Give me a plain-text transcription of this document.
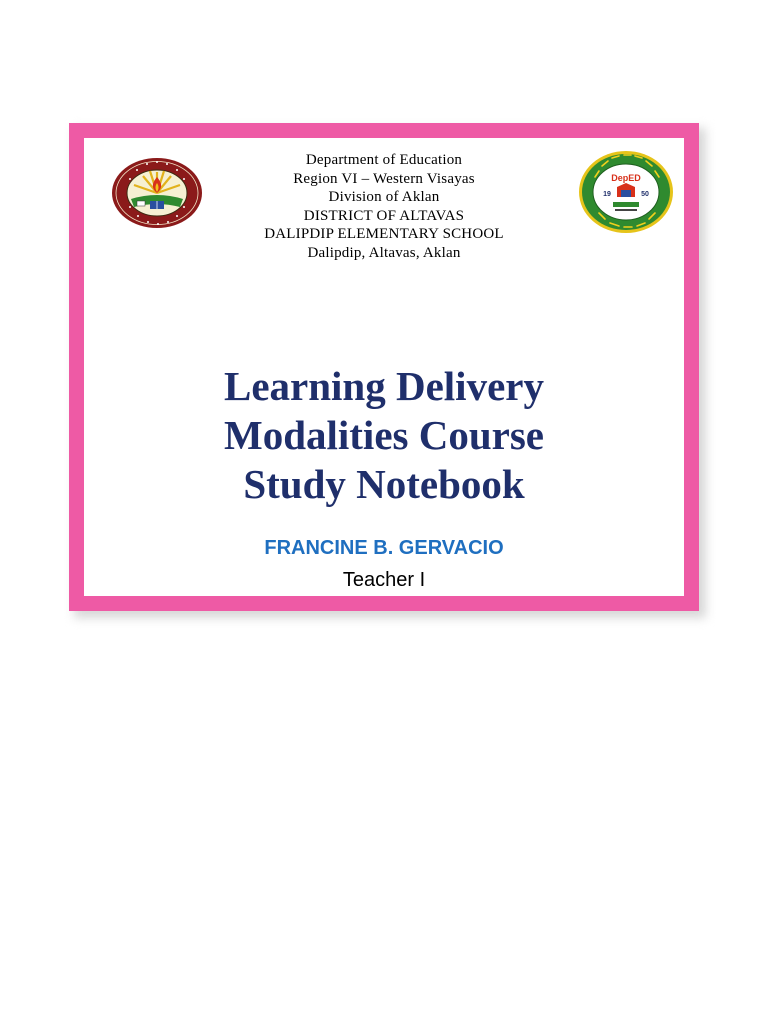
DepED
19	50
Department of Education
Region VI – Western Visayas
Division of Aklan
DISTRICT OF ALTAVAS
DALIPDIP ELEMENTARY SCHOOL
Dalipdip, Altavas, Aklan
Learning Delivery
Modalities Course
Study Notebook
FRANCINE B. GERVACIO
Teacher I
